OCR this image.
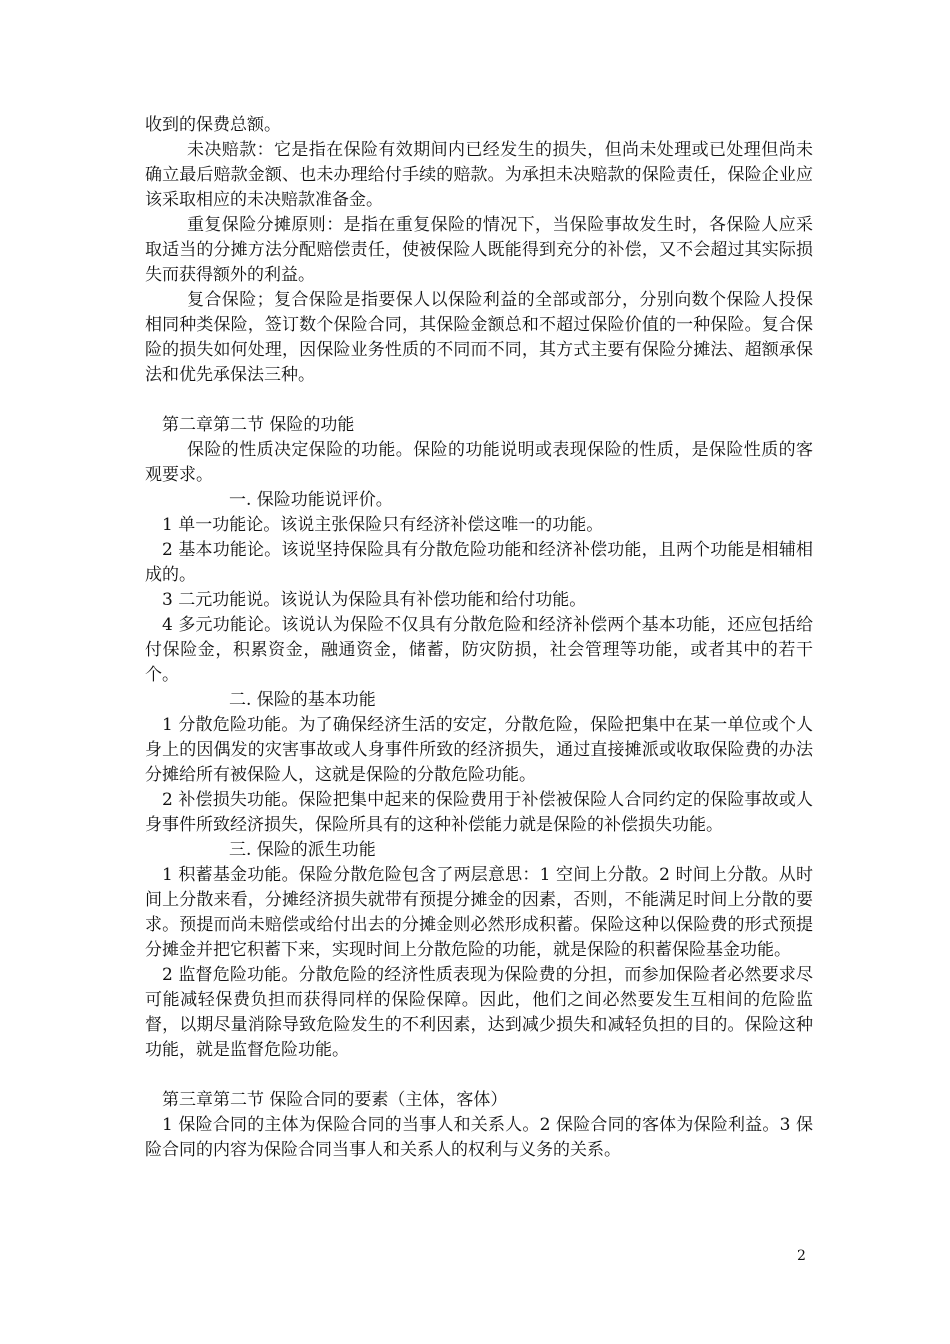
收到的保费总额。

未决赔款：它是指在保险有效期间内已经发生的损失，但尚未处理或已处理但尚未确立最后赔款金额、也未办理给付手续的赔款。为承担未决赔款的保险责任，保险企业应该采取相应的未决赔款准备金。

重复保险分摊原则：是指在重复保险的情况下，当保险事故发生时，各保险人应采取适当的分摊方法分配赔偿责任，使被保险人既能得到充分的补偿，又不会超过其实际损失而获得额外的利益。

复合保险；复合保险是指要保人以保险利益的全部或部分，分别向数个保险人投保相同种类保险，签订数个保险合同，其保险金额总和不超过保险价值的一种保险。复合保险的损失如何处理，因保险业务性质的不同而不同，其方式主要有保险分摊法、超额承保法和优先承保法三种。

第二章第二节 保险的功能

保险的性质决定保险的功能。保险的功能说明或表现保险的性质，是保险性质的客观要求。

一. 保险功能说评价。

1 单一功能论。该说主张保险只有经济补偿这唯一的功能。

2 基本功能论。该说坚持保险具有分散危险功能和经济补偿功能，且两个功能是相辅相成的。

3 二元功能说。该说认为保险具有补偿功能和给付功能。

4 多元功能论。该说认为保险不仅具有分散危险和经济补偿两个基本功能，还应包括给付保险金，积累资金，融通资金，储蓄，防灾防损，社会管理等功能，或者其中的若干个。

二. 保险的基本功能

1 分散危险功能。为了确保经济生活的安定，分散危险，保险把集中在某一单位或个人身上的因偶发的灾害事故或人身事件所致的经济损失，通过直接摊派或收取保险费的办法分摊给所有被保险人，这就是保险的分散危险功能。

2 补偿损失功能。保险把集中起来的保险费用于补偿被保险人合同约定的保险事故或人身事件所致经济损失，保险所具有的这种补偿能力就是保险的补偿损失功能。

三. 保险的派生功能

1 积蓄基金功能。保险分散危险包含了两层意思：1 空间上分散。2 时间上分散。从时间上分散来看，分摊经济损失就带有预提分摊金的因素，否则，不能满足时间上分散的要求。预提而尚未赔偿或给付出去的分摊金则必然形成积蓄。保险这种以保险费的形式预提分摊金并把它积蓄下来，实现时间上分散危险的功能，就是保险的积蓄保险基金功能。

2 监督危险功能。分散危险的经济性质表现为保险费的分担，而参加保险者必然要求尽可能减轻保费负担而获得同样的保险保障。因此，他们之间必然要发生互相间的危险监督，以期尽量消除导致危险发生的不利因素，达到减少损失和减轻负担的目的。保险这种功能，就是监督危险功能。

第三章第二节 保险合同的要素（主体，客体）

1 保险合同的主体为保险合同的当事人和关系人。2 保险合同的客体为保险利益。3 保险合同的内容为保险合同当事人和关系人的权利与义务的关系。

2
